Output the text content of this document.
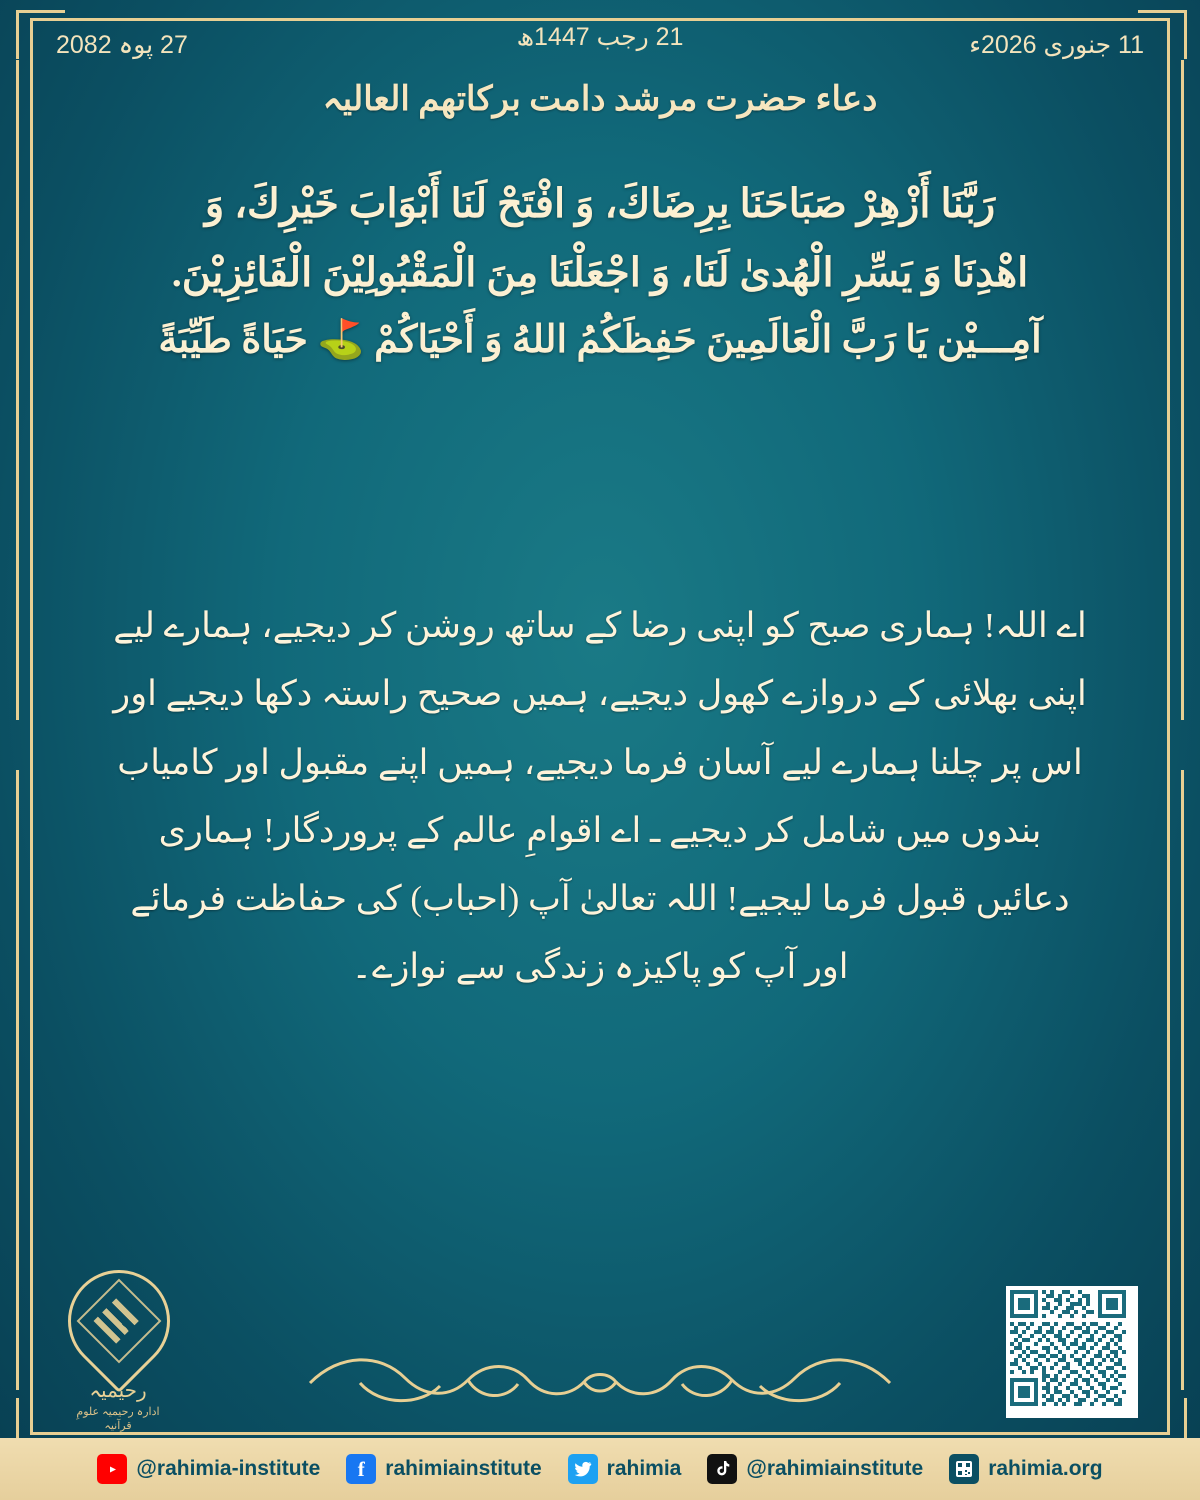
27 پوہ 2082	21 رجب 1447ھ	11 جنوری 2026ء
دعاء حضرت مرشد دامت بركاتهم العالیہ
رَبَّنَا أَزْهِرْ صَبَاحَنَا بِرِضَاكَ، وَ افْتَحْ لَنَا أَبْوَابَ خَيْرِكَ، وَ
اهْدِنَا وَ يَسِّرِ الْهُدىٰ لَنَا، وَ اجْعَلْنَا مِنَ الْمَقْبُولِيْنَ الْفَائِزِيْنَ.
آمِـــيْن يَا رَبَّ الْعَالَمِينَ حَفِظَكُمُ اللهُ وَ أَحْيَاكُمْ ⛳ حَيَاةً طَيِّبَةً
اے اللہ! ہماری صبح کو اپنی رضا کے ساتھ روشن کر دیجیے، ہمارے لیے اپنی بھلائی کے دروازے کھول دیجیے، ہمیں صحیح راستہ دکھا دیجیے اور اس پر چلنا ہمارے لیے آسان فرما دیجیے، ہمیں اپنے مقبول اور کامیاب بندوں میں شامل کر دیجیے ـ اے اقوامِ عالم کے پروردگار! ہماری دعائیں قبول فرما لیجیے! اللہ تعالیٰ آپ (احباب) کی حفاظت فرمائے اور آپ کو پاکیزہ زندگی سے نوازے۔
رحیمیہ
ادارہ رحیمیہ علومِ قرآنیہ
@rahimia-institute	f rahimiainstitute	rahimia	@rahimiainstitute	rahimia.org
